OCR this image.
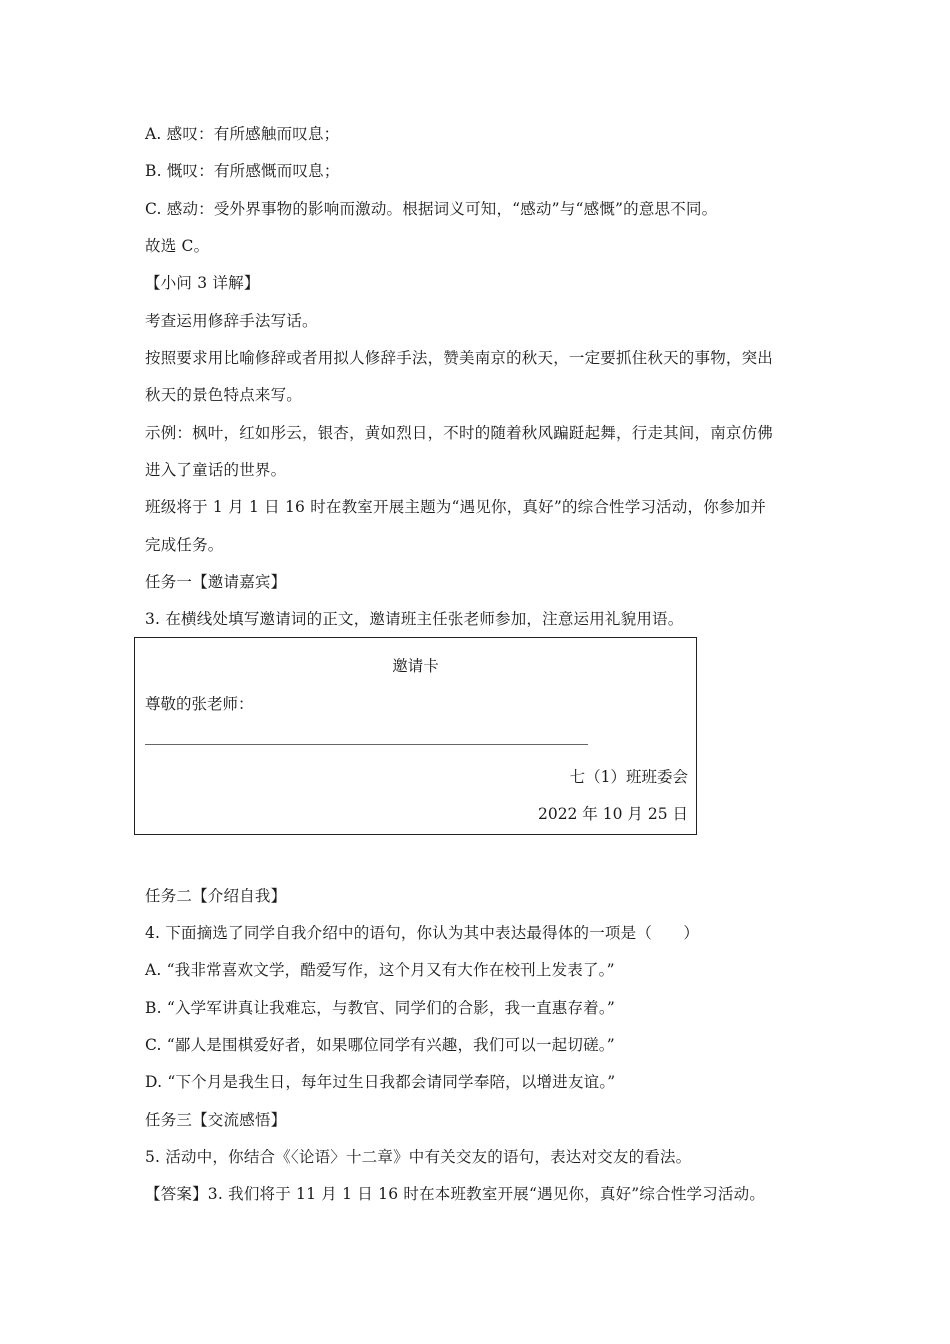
A. 感叹：有所感触而叹息；
B. 慨叹：有所感慨而叹息；
C. 感动：受外界事物的影响而激动。根据词义可知，“感动”与“感慨”的意思不同。
故选 C。
【小问 3 详解】
考查运用修辞手法写话。
按照要求用比喻修辞或者用拟人修辞手法，赞美南京的秋天，一定要抓住秋天的事物，突出
秋天的景色特点来写。
示例：枫叶，红如彤云，银杏，黄如烈日，不时的随着秋风蹁跹起舞，行走其间，南京仿佛
进入了童话的世界。
班级将于 1 月 1 日 16 时在教室开展主题为“遇见你，真好”的综合性学习活动，你参加并
完成任务。
任务一【邀请嘉宾】
3. 在横线处填写邀请词的正文，邀请班主任张老师参加，注意运用礼貌用语。
邀请卡
尊敬的张老师：
七（1）班班委会
2022 年 10 月 25 日
任务二【介绍自我】
4. 下面摘选了同学自我介绍中的语句，你认为其中表达最得体的一项是（　　）
A. “我非常喜欢文学，酷爱写作，这个月又有大作在校刊上发表了。”
B. “入学军讲真让我难忘，与教官、同学们的合影，我一直惠存着。”
C. “鄙人是围棋爱好者，如果哪位同学有兴趣，我们可以一起切磋。”
D. “下个月是我生日，每年过生日我都会请同学奉陪，以增进友谊。”
任务三【交流感悟】
5. 活动中，你结合《〈论语〉十二章》中有关交友的语句，表达对交友的看法。
【答案】3. 我们将于 11 月 1 日 16 时在本班教室开展“遇见你，真好”综合性学习活动。
